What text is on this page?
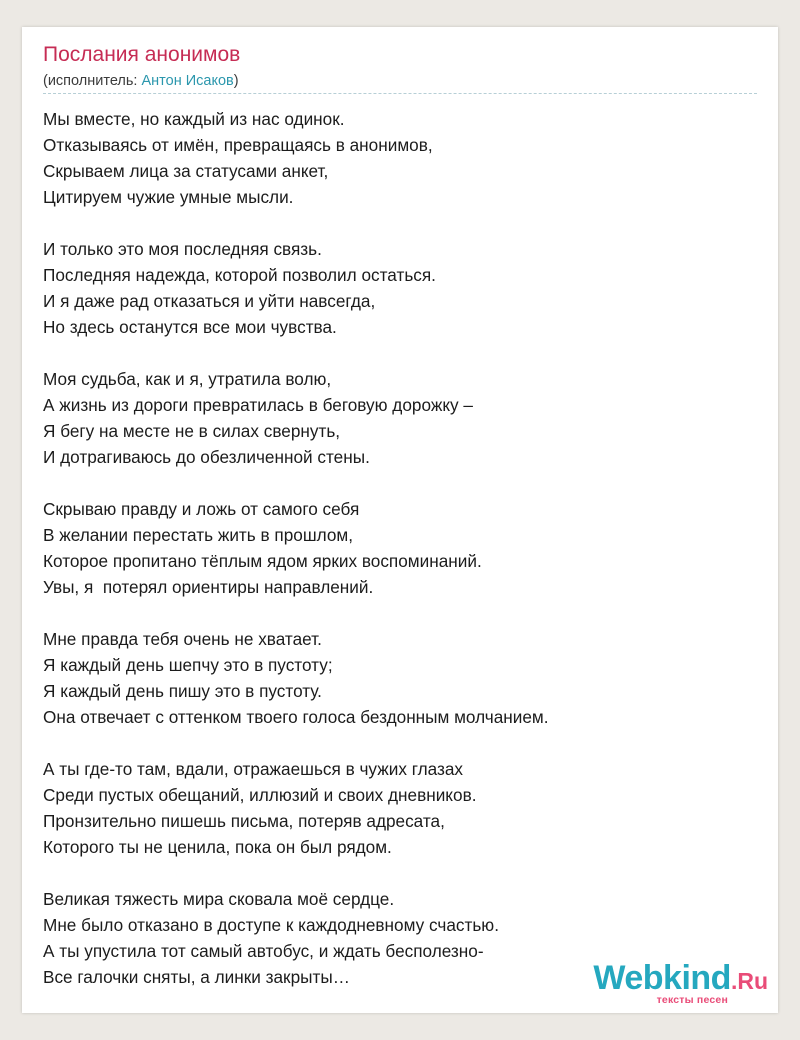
Послания анонимов
(исполнитель: Антон Исаков)
Мы вместе, но каждый из нас одинок.
Отказываясь от имён, превращаясь в анонимов,
Скрываем лица за статусами анкет,
Цитируем чужие умные мысли.
И только это моя последняя связь.
Последняя надежда, которой позволил остаться.
И я даже рад отказаться и уйти навсегда,
Но здесь останутся все мои чувства.
Моя судьба, как и я, утратила волю,
А жизнь из дороги превратилась в беговую дорожку –
Я бегу на месте не в силах свернуть,
И дотрагиваюсь до обезличенной стены.
Скрываю правду и ложь от самого себя
В желании перестать жить в прошлом,
Которое пропитано тёплым ядом ярких воспоминаний.
Увы, я  потерял ориентиры направлений.
Мне правда тебя очень не хватает.
Я каждый день шепчу это в пустоту;
Я каждый день пишу это в пустоту.
Она отвечает с оттенком твоего голоса бездонным молчанием.
А ты где-то там, вдали, отражаешься в чужих глазах
Среди пустых обещаний, иллюзий и своих дневников.
Пронзительно пишешь письма, потеряв адресата,
Которого ты не ценила, пока он был рядом.
Великая тяжесть мира сковала моё сердце.
Мне было отказано в доступе к каждодневному счастью.
А ты упустила тот самый автобус, и ждать бесполезно-
Все галочки сняты, а линки закрыты…	Webkind.Ru
тексты песен
